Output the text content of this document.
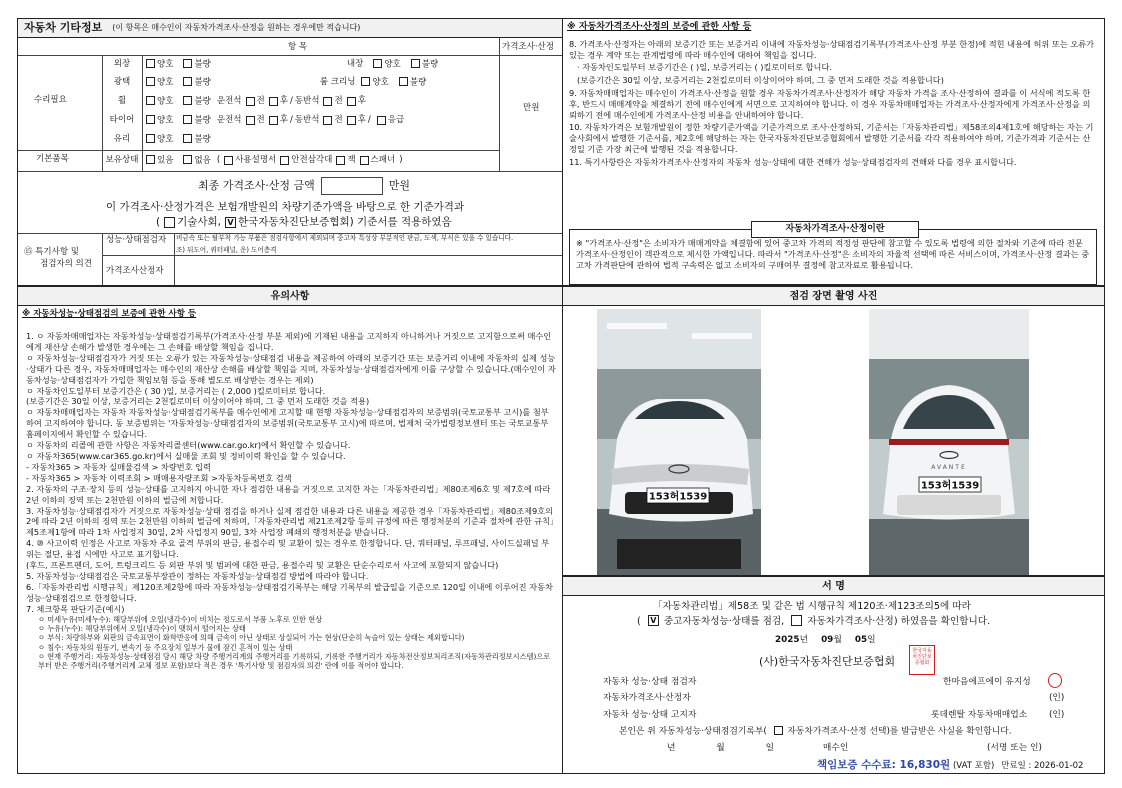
자동차 기타정보 (이 항목은 매수인이 자동차가격조사·산정을 원하는 경우에만 적습니다)
항 목	가격조사·산정
수리필요
만원
외장	양호	불량	내장	양호	불량
광택	양호	불량	룸 크리닝	양호	불량
휠	양호	불량 운전석 전 후 / 동반석 전 후
타이어	양호	불량 운전석 전 후 / 동반석 전 후 / 응급
유리	양호	불량
기본품목	보유상태	있음	없음 ( 사용설명서 안전삼각대 잭 스패너 )
최종 가격조사·산정 금액	만원
이 가격조사·산정가격은 보험개발원의 차량기준가액을 바탕으로 한 기준가격과
( 기술사회, V 한국자동차진단보증협회 ) 기준서를 적용하였음
⑮ 특기사항 및
점검자의 의견
성능·상태점검자 비금속 또는 탈부착 가능 부품은 점검사항에서 제외되며 중고차 특성상 부분적인 판금, 도색, 부식은 있을 수 있습니다.
조) 뒤도어, 쿼터패널, 운) 도어층격
가격조사산정자
※ 자동차가격조사·산정의 보증에 관한 사항 등

8. 가격조사·산정자는 아래의 보증기간 또는 보증거리 이내에 자동차성능·상태점검기록부(가격조사·산정 부분 한정)에 적힌 내용에 허위 또는 오류가 있는 경우 계약 또는 관계법령에 따라 매수인에 대하여 책임을 집니다.

· 자동차인도일부터 보증기간은 ( )일, 보증거리는 ( )킬로미터로 합니다.

(보증기간은 30일 이상, 보증거리는 2천킬로미터 이상이어야 하며, 그 중 먼저 도래한 것을 적용합니다)

9. 자동차매매업자는 매수인이 가격조사·산정을 원할 경우 자동차가격조사·산정자가 해당 자동차 가격을 조사·산정하여 결과를 이 서식에 적도록 한 후, 반드시 매매계약을 체결하기 전에 매수인에게 서면으로 고지하여야 합니다. 이 경우 자동차매매업자는 가격조사·산정자에게 가격조사·산정을 의뢰하기 전에 매수인에게 가격조사·산정 비용을 안내하여야 합니다.

10. 자동차가격은 보험개발원이 정한 차량기준가액을 기준가격으로 조사·산정하되, 기준서는「자동차관리법」제58조의4제1호에 해당하는 자는 기술사회에서 발행한 기준서를, 제2호에 해당하는 자는 한국자동차진단보증협회에서 발행한 기준서를 각각 적용하여야 하며, 기준가격과 기준서는 산정일 기준 가장 최근에 발행된 것을 적용합니다.

11. 특기사항란은 자동차가격조사·산정자의 자동차 성능·상태에 대한 견해가 성능·상태점검자의 견해와 다를 경우 표시합니다.

※ "가격조사·산정"은 소비자가 매매계약을 체결함에 있어 중고차 가격의 적정성 판단에 참고할 수 있도록 법령에 의한 절차와 기준에 따라 전문 가격조사·산정인이 객관적으로 제시한 가액입니다. 따라서 "가격조사·산정"은 소비자의 자율적 선택에 따른 서비스이며, 가격조사·산정 결과는 중고차 가격판단에 관하여 법적 구속력은 없고 소비자의 구매여부 결정에 참고자료로 활용됩니다.

자동차가격조사·산정이란
유의사항
※ 자동차성능·상태점검의 보증에 관한 사항 등

1. ㅇ 자동차매매업자는 자동차성능·상태점검기록부(가격조사·산정 부분 제외)에 기재된 내용을 고지하지 아니하거나 거짓으로 고지함으로써 매수인에게 재산상 손해가 발생한 경우에는 그 손해를 배상할 책임을 집니다.

ㅇ 자동차성능·상태점검자가 거짓 또는 오류가 있는 자동차성능·상태점검 내용을 제공하여 아래의 보증기간 또는 보증거리 이내에 자동차의 실제 성능·상태가 다른 경우, 자동차매매업자는 매수인의 재산상 손해를 배상할 책임을 지며, 자동차성능·상태점검자에게 이를 구상할 수 있습니다.(매수인이 자동차성능·상태점검자가 가입한 책임보험 등을 통해 별도로 배상받는 경우는 제외)

ㅇ 자동차인도일부터 보증기간은 ( 30 )일, 보증거리는 ( 2,000 )킬로미터로 합니다.

(보증기간은 30일 이상, 보증거리는 2천킬로미터 이상이어야 하며, 그 중 먼저 도래한 것을 적용)

ㅇ 자동차매매업자는 자동차 자동차성능·상태점검기록부를 매수인에게 고지할 때 현행 자동차성능·상태점검자의 보증범위(국토교통부 고시)를 첨부하여 고지하여야 합니다. 동 보증범위는 '자동차성능·상태점검자의 보증범위(국토교통부 고시)에 따르며, 법제처 국가법령정보센터 또는 국토교통부 홈페이지에서 확인할 수 있습니다.

ㅇ 자동차의 리콜에 관한 사항은 자동차리콜센터(www.car.go.kr)에서 확인할 수 있습니다.

ㅇ 자동차365(www.car365.go.kr)에서 실매물 조회 및 정비이력 확인을 할 수 있습니다.

- 자동차365 > 자동차 실매물검색 > 차량번호 입력

- 자동차365 > 자동차 이력조회 > 매매용자량조회 >자동차등록번호 검색

2. 자동차의 구조·장치 등의 성능·상태를 고지하지 아니한 자나 점검한 내용을 거짓으로 고지한 자는「자동차관리법」제80조제6호 및 제7호에 따라 2년 이하의 징역 또는 2천만원 이하의 벌금에 처합니다.

3. 자동차성능·상태점검자가 거짓으로 자동차성능·상태 점검을 하거나 실제 점검한 내용과 다른 내용을 제공한 경우「자동차관리법」제80조제9호의2에 따라 2년 이하의 징역 또는 2천만원 이하의 벌금에 처하며,「자동차관리법 제21조제2항 등의 규정에 따른 행정처분의 기준과 절차에 관한 규칙」제5조제1항에 따라 1차 사업정지 30일, 2차 사업정지 90일, 3차 사업장 폐쇄의 행정처분을 받습니다.

4. ⑩ 사고이력 인정은 사고로 자동차 주요 골격 부위의 판금, 용접수리 및 교환이 있는 경우로 한정합니다. 단, 쿼터패널, 루프패널, 사이드실패널 부위는 절단, 용접 시에만 사고로 표기합니다.

(후드, 프론트펜더, 도어, 트렁크리드 등 외판 부위 및 범퍼에 대한 판금, 용접수리 및 교환은 단순수리로서 사고에 포함되지 않습니다)

5. 자동차성능·상태점검은 국토교통부장관이 정하는 자동차성능·상태점검 방법에 따라야 합니다.

6.「자동차관리법 시행규칙」제120조제2항에 따라 자동차성능·상태점검기록부는 해당 기록부의 발급일을 기준으로 120일 이내에 이루어진 자동차 성능·상태점검으로 한정합니다.

7. 체크항목 판단기준(예시)

ㅇ 미세누유(미세누수): 해당부위에 오일(냉각수)이 비치는 정도로서 부품 노후로 인한 현상

ㅇ 누유(누수): 해당부위에서 오일(냉각수)이 맺혀서 떨어지는 상태

ㅇ 부식: 차량하부와 외판의 금속표면이 화학반응에 의해 금속이 아닌 상태로 상실되어 가는 현상(단순히 녹슬어 있는 상태는 제외합니다)

ㅇ 침수: 자동차의 원동기, 변속기 등 주요장치 일부가 물에 잠긴 흔적이 있는 상태

ㅇ 현재 주행거리: 자동차성능·상태점검 당시 해당 차량 주행거리계의 주행거리를 기록하되, 기록한 주행거리가 자동차전산정보처리조직(자동차관리정보시스템)으로부터 받은 주행거리(주행거리계 교체 정보 포함)보다 적은 경우 '특기사항 및 점검자의 의견' 란에 이를 적어야 합니다.

점검 장면 촬영 사진
153허1539
AVANTE
153허1539
서 명
「자동차관리법」제58조 및 같은 법 시행규칙 제120조·제123조의5에 따라
( V 중고자동차성능·상태를 점검, 자동차가격조사·산정) 하였음을 확인합니다.
2025년 09월 05일
(사)한국자동차진단보증협회
한국자동차진단보증협회
자동차 성능·상태 점검자	한마음에프에이 유지성
자동차가격조사·산정자	(인)
자동차 성능·상태 고지자	롯데렌탈 자동차매매업소 (인)
본인은 위 자동차성능·상태점검기록부( 자동차가격조사·산정 선택)를 발급받은 사실을 확인합니다.
년	월	일	매수인	(서명 또는 인)
책임보증 수수료: 16,830원 (VAT 포함) 만료일 : 2026-01-02
